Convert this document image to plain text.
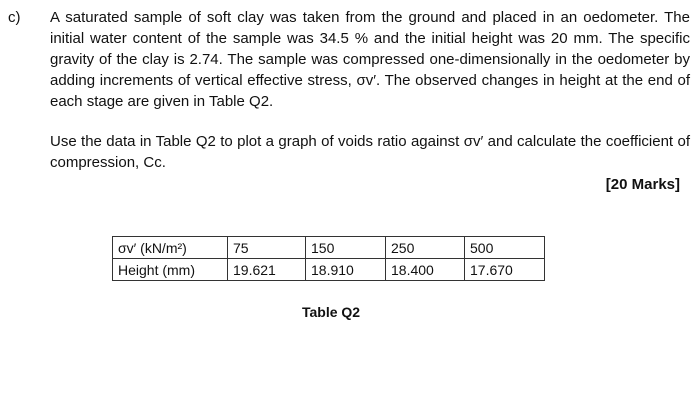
c) A saturated sample of soft clay was taken from the ground and placed in an oedometer. The initial water content of the sample was 34.5 % and the initial height was 20 mm. The specific gravity of the clay is 2.74. The sample was compressed one-dimensionally in the oedometer by adding increments of vertical effective stress, σv′. The observed changes in height at the end of each stage are given in Table Q2.

Use the data in Table Q2 to plot a graph of voids ratio against σv′ and calculate the coefficient of compression, Cc.

[20 Marks]
σv′ (kN/m²)	75	150	250	500
Height (mm)	19.621	18.910	18.400	17.670
Table Q2
